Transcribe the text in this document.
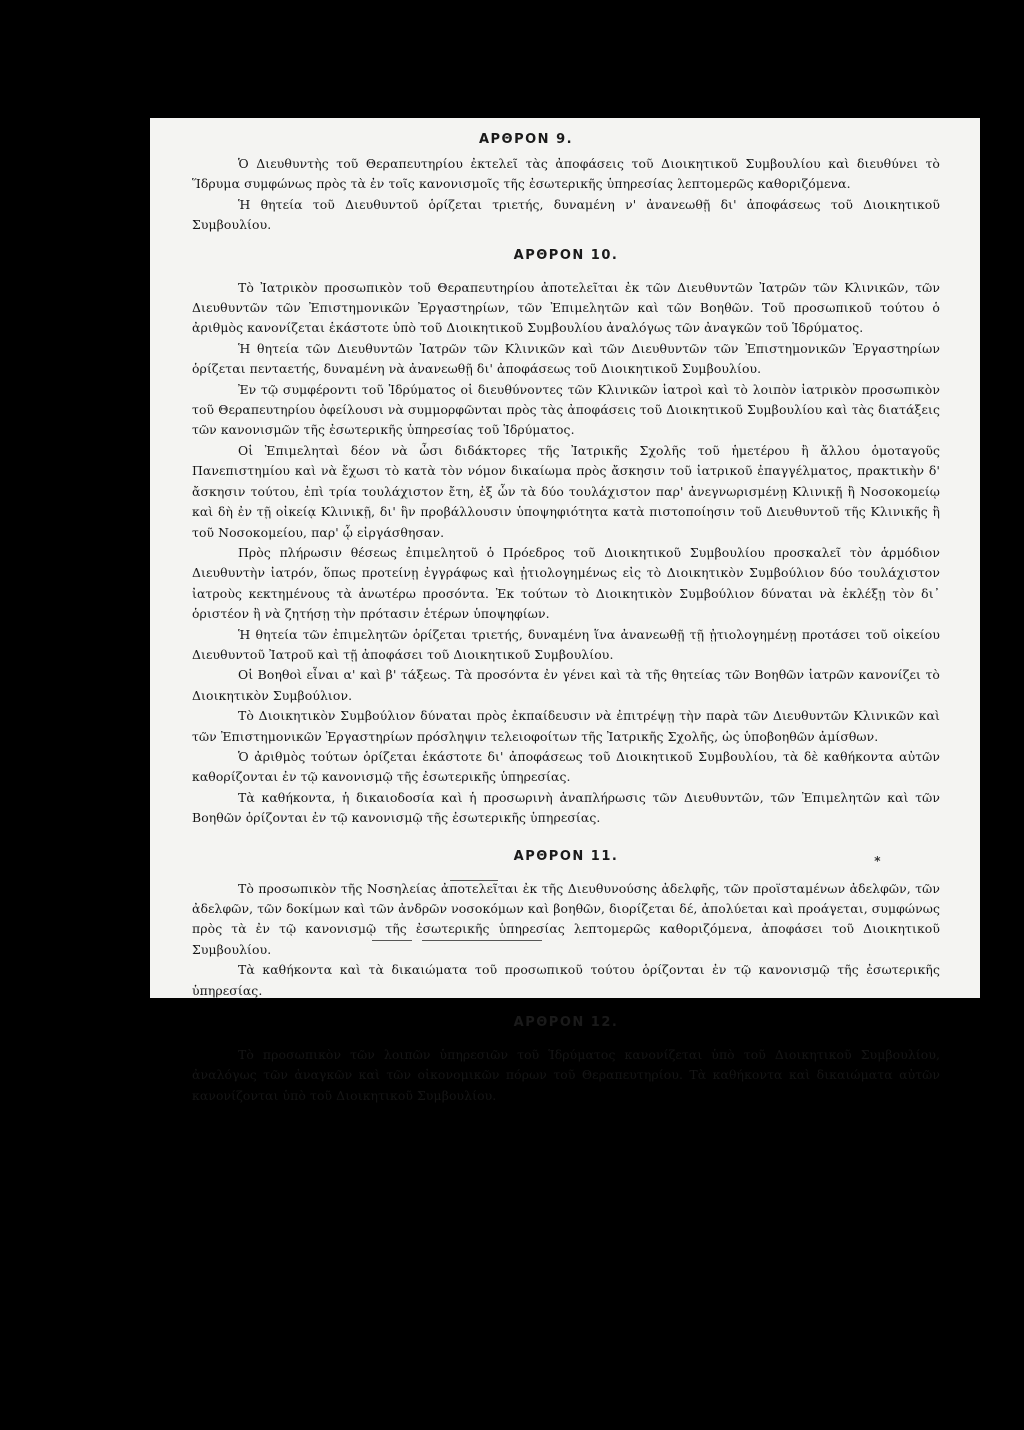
ΑΡΘΡΟΝ 9.

Ὁ Διευθυντὴς τοῦ Θεραπευτηρίου ἐκτελεῖ τὰς ἀποφάσεις τοῦ Διοικητικοῦ Συμβουλίου καὶ διευθύνει τὸ Ἵδρυμα συμφώνως πρὸς τὰ ἐν τοῖς κανονισμοῖς τῆς ἐσωτερικῆς ὑπηρεσίας λεπτομερῶς καθοριζόμενα.

Ἡ θητεία τοῦ Διευθυντοῦ ὁρίζεται τριετής, δυναμένη ν' ἀνανεωθῇ δι' ἀποφάσεως τοῦ Διοικητικοῦ Συμβουλίου.

ΑΡΘΡΟΝ 10.

Τὸ Ἰατρικὸν προσωπικὸν τοῦ Θεραπευτηρίου ἀποτελεῖται ἐκ τῶν Διευθυντῶν Ἰατρῶν τῶν Κλινικῶν, τῶν Διευθυντῶν τῶν Ἐπιστημονικῶν Ἐργαστηρίων, τῶν Ἐπιμελητῶν καὶ τῶν Βοηθῶν. Τοῦ προσωπικοῦ τούτου ὁ ἀριθμὸς κανονίζεται ἑκάστοτε ὑπὸ τοῦ Διοικητικοῦ Συμβουλίου ἀναλόγως τῶν ἀναγκῶν τοῦ Ἱδρύματος.

Ἡ θητεία τῶν Διευθυντῶν Ἰατρῶν τῶν Κλινικῶν καὶ τῶν Διευθυντῶν τῶν Ἐπιστημονικῶν Ἐργαστηρίων ὁρίζεται πενταετής, δυναμένη νὰ ἀνανεωθῇ δι' ἀποφάσεως τοῦ Διοικητικοῦ Συμβουλίου.

Ἐν τῷ συμφέροντι τοῦ Ἱδρύματος οἱ διευθύνοντες τῶν Κλινικῶν ἰατροὶ καὶ τὸ λοιπὸν ἰατρικὸν προσωπικὸν τοῦ Θεραπευτηρίου ὀφείλουσι νὰ συμμορφῶνται πρὸς τὰς ἀποφάσεις τοῦ Διοικητικοῦ Συμβουλίου καὶ τὰς διατάξεις τῶν κανονισμῶν τῆς ἐσωτερικῆς ὑπηρεσίας τοῦ Ἱδρύματος.

Οἱ Ἐπιμεληταὶ δέον νὰ ὦσι διδάκτορες τῆς Ἰατρικῆς Σχολῆς τοῦ ἡμετέρου ἢ ἄλλου ὁμοταγοῦς Πανεπιστημίου καὶ νὰ ἔχωσι τὸ κατὰ τὸν νόμον δικαίωμα πρὸς ἄσκησιν τοῦ ἰατρικοῦ ἐπαγγέλματος, πρακτικὴν δ' ἄσκησιν τούτου, ἐπὶ τρία τουλάχιστον ἔτη, ἐξ ὧν τὰ δύο τουλάχιστον παρ' ἀνεγνωρισμένῃ Κλινικῇ ἢ Νοσοκομείῳ καὶ δὴ ἐν τῇ οἰκείᾳ Κλινικῇ, δι' ἣν προβάλλουσιν ὑποψηφιότητα κατὰ πιστοποίησιν τοῦ Διευθυντοῦ τῆς Κλινικῆς ἢ τοῦ Νοσοκομείου, παρ' ᾧ εἰργάσθησαν.

Πρὸς πλήρωσιν θέσεως ἐπιμελητοῦ ὁ Πρόεδρος τοῦ Διοικητικοῦ Συμβουλίου προσκαλεῖ τὸν ἁρμόδιον Διευθυντὴν ἰατρόν, ὅπως προτείνῃ ἐγγράφως καὶ ᾐτιολογημένως εἰς τὸ Διοικητικὸν Συμβούλιον δύο τουλάχιστον ἰατροὺς κεκτημένους τὰ ἀνωτέρω προσόντα. Ἐκ τούτων τὸ Διοικητικὸν Συμβούλιον δύναται νὰ ἐκλέξῃ τὸν δι᾽ ὁριστέον ἢ νὰ ζητήσῃ τὴν πρότασιν ἑτέρων ὑποψηφίων.

Ἡ θητεία τῶν ἐπιμελητῶν ὁρίζεται τριετής, δυναμένη ἵνα ἀνανεωθῇ τῇ ᾐτιολογημένῃ προτάσει τοῦ οἰκείου Διευθυντοῦ Ἰατροῦ καὶ τῇ ἀποφάσει τοῦ Διοικητικοῦ Συμβουλίου.

Οἱ Βοηθοὶ εἶναι α' καὶ β' τάξεως. Τὰ προσόντα ἐν γένει καὶ τὰ τῆς θητείας τῶν Βοηθῶν ἰατρῶν κανονίζει τὸ Διοικητικὸν Συμβούλιον.

Τὸ Διοικητικὸν Συμβούλιον δύναται πρὸς ἐκπαίδευσιν νὰ ἐπιτρέψῃ τὴν παρὰ τῶν Διευθυντῶν Κλινικῶν καὶ τῶν Ἐπιστημονικῶν Ἐργαστηρίων πρόσληψιν τελειοφοίτων τῆς Ἰατρικῆς Σχολῆς, ὡς ὑποβοηθῶν ἀμίσθων.

Ὁ ἀριθμὸς τούτων ὁρίζεται ἑκάστοτε δι' ἀποφάσεως τοῦ Διοικητικοῦ Συμβουλίου, τὰ δὲ καθήκοντα αὐτῶν καθορίζονται ἐν τῷ κανονισμῷ τῆς ἐσωτερικῆς ὑπηρεσίας.

Τὰ καθήκοντα, ἡ δικαιοδοσία καὶ ἡ προσωρινὴ ἀναπλήρωσις τῶν Διευθυντῶν, τῶν Ἐπιμελητῶν καὶ τῶν Βοηθῶν ὁρίζονται ἐν τῷ κανονισμῷ τῆς ἐσωτερικῆς ὑπηρεσίας.

ΑΡΘΡΟΝ 11.	*

Τὸ προσωπικὸν τῆς Νοσηλείας ἀποτελεῖται ἐκ τῆς Διευθυνούσης ἀδελφῆς, τῶν προϊσταμένων ἀδελφῶν, τῶν ἀδελφῶν, τῶν δοκίμων καὶ τῶν ἀνδρῶν νοσοκόμων καὶ βοηθῶν, διορίζεται δέ, ἀπολύεται καὶ προάγεται, συμφώνως πρὸς τὰ ἐν τῷ κανονισμῷ τῆς ἐσωτερικῆς ὑπηρεσίας λεπτομερῶς καθοριζόμενα, ἀποφάσει τοῦ Διοικητικοῦ Συμβουλίου.

Τὰ καθήκοντα καὶ τὰ δικαιώματα τοῦ προσωπικοῦ τούτου ὁρίζονται ἐν τῷ κανονισμῷ τῆς ἐσωτερικῆς ὑπηρεσίας.

ΑΡΘΡΟΝ 12.

Τὸ προσωπικὸν τῶν λοιπῶν ὑπηρεσιῶν τοῦ Ἱδρύματος κανονίζεται ὑπὸ τοῦ Διοικητικοῦ Συμβουλίου, ἀναλόγως τῶν ἀναγκῶν καὶ τῶν οἰκονομικῶν πόρων τοῦ Θεραπευτηρίου. Τὰ καθήκοντα καὶ δικαιώματα αὐτῶν κανονίζονται ὑπὸ τοῦ Διοικητικοῦ Συμβουλίου.
